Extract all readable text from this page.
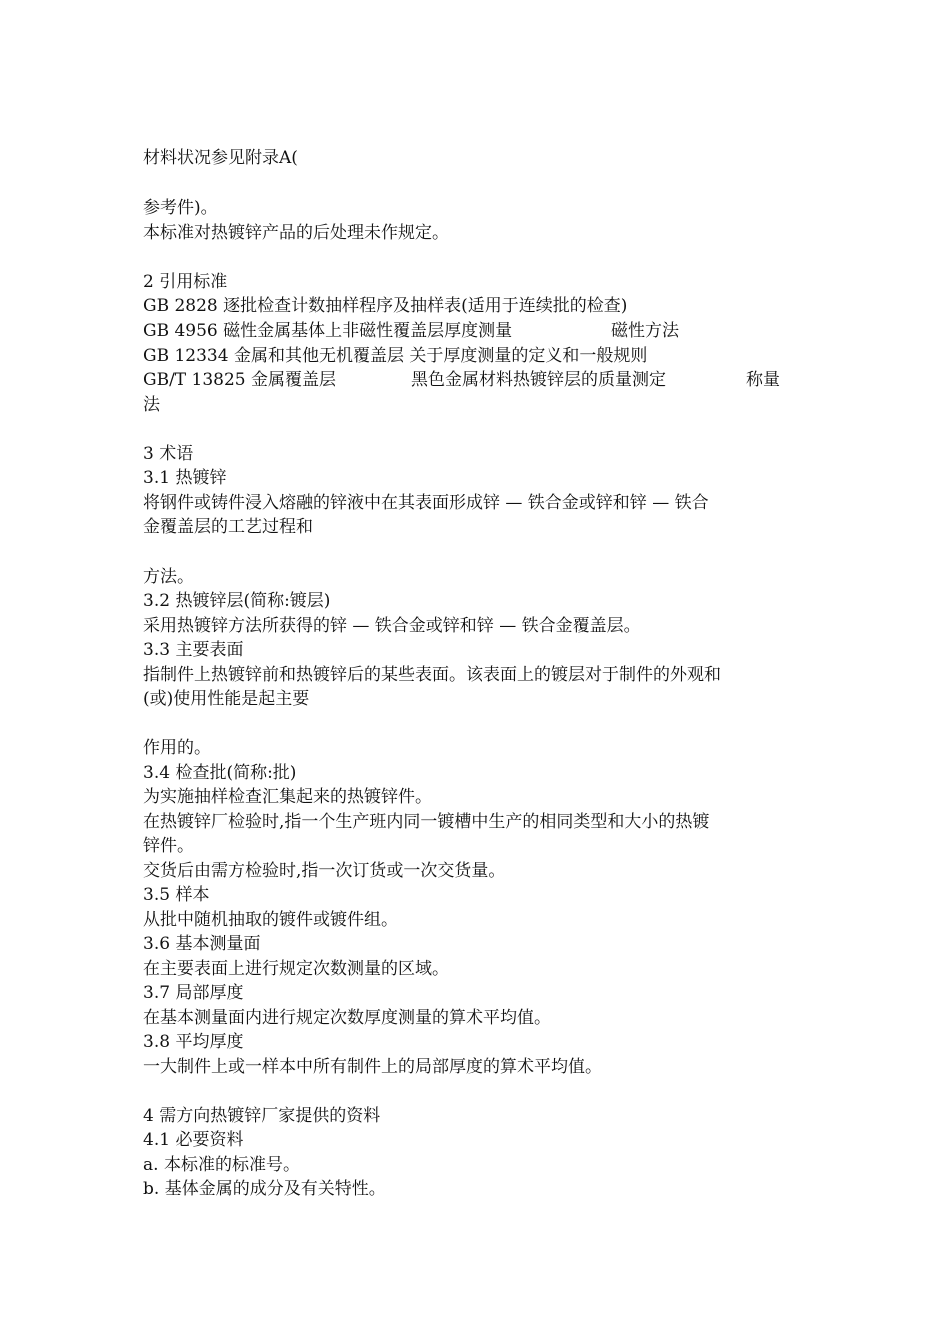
材料状况参见附录A(
参考件)。
本标准对热镀锌产品的后处理未作规定。
2 引用标准
GB 2828 逐批检查计数抽样程序及抽样表(适用于连续批的检查)
GB 4956 磁性金属基体上非磁性覆盖层厚度测量	磁性方法
GB 12334 金属和其他无机覆盖层 关于厚度测量的定义和一般规则
GB/T 13825 金属覆盖层	黑色金属材料热镀锌层的质量测定	称量
法
3 术语
3.1 热镀锌
将钢件或铸件浸入熔融的锌液中在其表面形成锌 — 铁合金或锌和锌 — 铁合
金覆盖层的工艺过程和
方法。
3.2 热镀锌层(简称:镀层)
采用热镀锌方法所获得的锌 — 铁合金或锌和锌 — 铁合金覆盖层。
3.3 主要表面
指制件上热镀锌前和热镀锌后的某些表面。该表面上的镀层对于制件的外观和
(或)使用性能是起主要
作用的。
3.4 检查批(简称:批)
为实施抽样检查汇集起来的热镀锌件。
在热镀锌厂检验时,指一个生产班内同一镀槽中生产的相同类型和大小的热镀
锌件。
交货后由需方检验时,指一次订货或一次交货量。
3.5 样本
从批中随机抽取的镀件或镀件组。
3.6 基本测量面
在主要表面上进行规定次数测量的区域。
3.7 局部厚度
在基本测量面内进行规定次数厚度测量的算术平均值。
3.8 平均厚度
一大制件上或一样本中所有制件上的局部厚度的算术平均值。
4 需方向热镀锌厂家提供的资料
4.1 必要资料
a. 本标准的标准号。
b. 基体金属的成分及有关特性。
